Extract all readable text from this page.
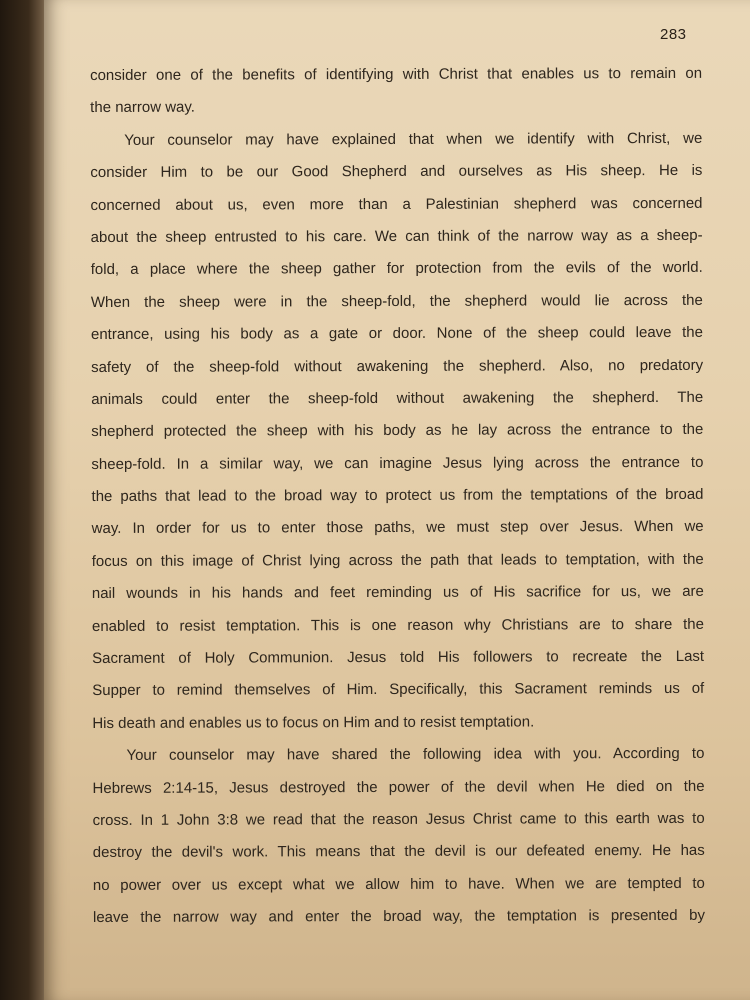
283
consider one of the benefits of identifying with Christ that enables us to remain on
the narrow way.
Your counselor may have explained that when we identify with Christ, we
consider Him to be our Good Shepherd and ourselves as His sheep. He is
concerned about us, even more than a Palestinian shepherd was concerned
about the sheep entrusted to his care. We can think of the narrow way as a sheep-
fold, a place where the sheep gather for protection from the evils of the world.
When the sheep were in the sheep-fold, the shepherd would lie across the
entrance, using his body as a gate or door. None of the sheep could leave the
safety of the sheep-fold without awakening the shepherd. Also, no predatory
animals could enter the sheep-fold without awakening the shepherd. The
shepherd protected the sheep with his body as he lay across the entrance to the
sheep-fold. In a similar way, we can imagine Jesus lying across the entrance to
the paths that lead to the broad way to protect us from the temptations of the broad
way. In order for us to enter those paths, we must step over Jesus. When we
focus on this image of Christ lying across the path that leads to temptation, with the
nail wounds in his hands and feet reminding us of His sacrifice for us, we are
enabled to resist temptation. This is one reason why Christians are to share the
Sacrament of Holy Communion. Jesus told His followers to recreate the Last
Supper to remind themselves of Him. Specifically, this Sacrament reminds us of
His death and enables us to focus on Him and to resist temptation.
Your counselor may have shared the following idea with you. According to
Hebrews 2:14-15, Jesus destroyed the power of the devil when He died on the
cross. In 1 John 3:8 we read that the reason Jesus Christ came to this earth was to
destroy the devil's work. This means that the devil is our defeated enemy. He has
no power over us except what we allow him to have. When we are tempted to
leave the narrow way and enter the broad way, the temptation is presented by
